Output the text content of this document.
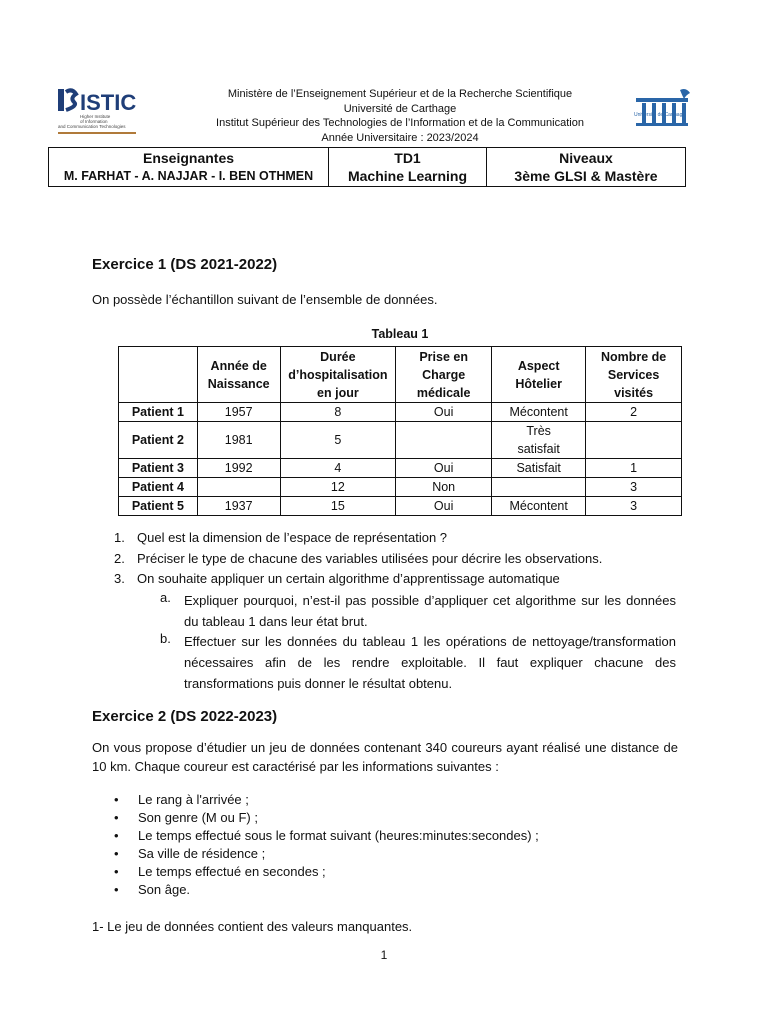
ISTIC
Higher Institute
of Information
and Communication Technologies
Ministère de l’Enseignement Supérieur et de la Recherche Scientifique
Université de Carthage
Institut Supérieur des Technologies de l’Information et de la Communication
Année Universitaire : 2023/2024
Université de Carthage
Enseignantes
M. FARHAT - A. NAJJAR - I. BEN OTHMEN
TD1
Machine Learning
Niveaux
3ème GLSI & Mastère
Exercice 1 (DS 2021-2022)

On possède l’échantillon suivant de l’ensemble de données.

Tableau 1
	Année de Naissance	Durée d’hospitalisation en jour	Prise en Charge médicale	Aspect Hôtelier	Nombre de Services visités
Patient 1	1957	8	Oui	Mécontent	2
Patient 2	1981	5		Très satisfait	
Patient 3	1992	4	Oui	Satisfait	1
Patient 4		12	Non		3
Patient 5	1937	15	Oui	Mécontent	3
1. Quel est la dimension de l’espace de représentation ?
2. Préciser le type de chacune des variables utilisées pour décrire les observations.
3. On souhaite appliquer un certain algorithme d’apprentissage automatique
a. Expliquer pourquoi, n’est-il pas possible d’appliquer cet algorithme sur les données du tableau 1 dans leur état brut.
b. Effectuer sur les données du tableau 1 les opérations de nettoyage/transformation nécessaires afin de les rendre exploitable. Il faut expliquer chacune des transformations puis donner le résultat obtenu.
Exercice 2 (DS 2022-2023)

On vous propose d’étudier un jeu de données contenant 340 coureurs ayant réalisé une distance de 10 km. Chaque coureur est caractérisé par les informations suivantes :

• Le rang à l'arrivée ;
• Son genre (M ou F) ;
• Le temps effectué sous le format suivant (heures:minutes:secondes) ;
• Sa ville de résidence ;
• Le temps effectué en secondes ;
• Son âge.

1- Le jeu de données contient des valeurs manquantes.

1
